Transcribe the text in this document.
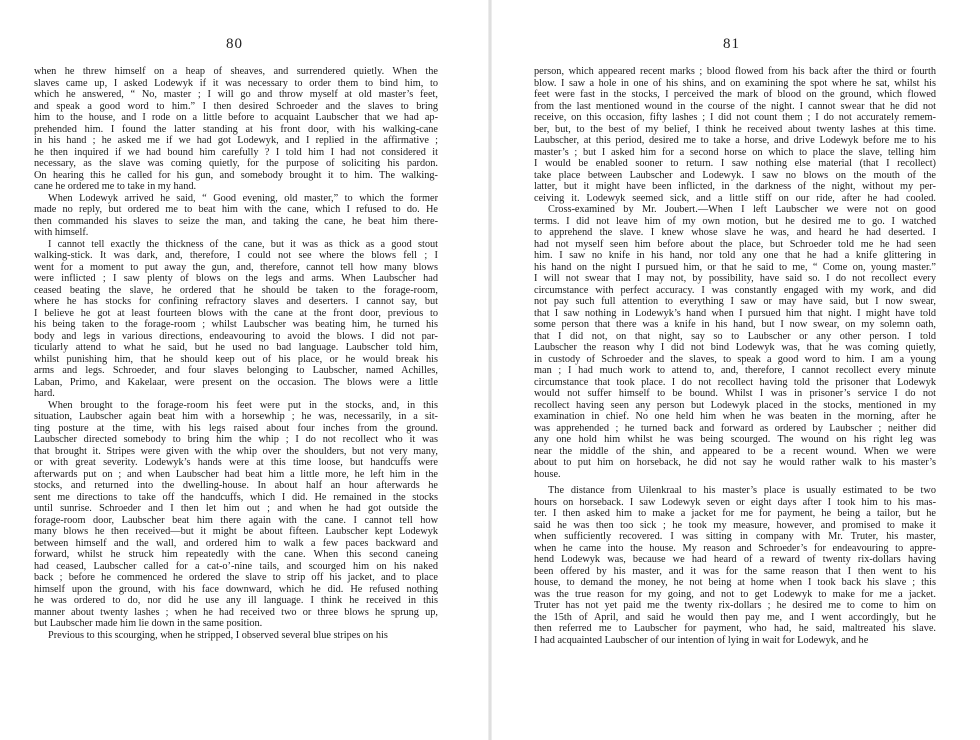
80
when he threw himself on a heap of sheaves, and surrendered quietly. When the
slaves came up, I asked Lodewyk if it was necessary to order them to bind him, to
which he answered, “ No, master ; I will go and throw myself at old master’s feet,
and speak a good word to him.” I then desired Schroeder and the slaves to bring
him to the house, and I rode on a little before to acquaint Laubscher that we had ap-
prehended him. I found the latter standing at his front door, with his walking-cane
in his hand ; he asked me if we had got Lodewyk, and I replied in the affirmative ;
he then inquired if we had bound him carefully ? I told him I had not considered it
necessary, as the slave was coming quietly, for the purpose of soliciting his pardon.
On hearing this he called for his gun, and somebody brought it to him. The walking-
cane he ordered me to take in my hand.
When Lodewyk arrived he said, “ Good evening, old master,” to which the former
made no reply, but ordered me to beat him with the cane, which I refused to do. He
then commanded his slaves to seize the man, and taking the cane, he beat him there-
with himself.
I cannot tell exactly the thickness of the cane, but it was as thick as a good stout
walking-stick. It was dark, and, therefore, I could not see where the blows fell ; I
went for a moment to put away the gun, and, therefore, cannot tell how many blows
were inflicted ; I saw plenty of blows on the legs and arms. When Laubscher had
ceased beating the slave, he ordered that he should be taken to the forage-room,
where he has stocks for confining refractory slaves and deserters. I cannot say, but
I believe he got at least fourteen blows with the cane at the front door, previous to
his being taken to the forage-room ; whilst Laubscher was beating him, he turned his
body and legs in various directions, endeavouring to avoid the blows. I did not par-
ticularly attend to what he said, but he used no bad language. Laubscher told him,
whilst punishing him, that he should keep out of his place, or he would break his
arms and legs. Schroeder, and four slaves belonging to Laubscher, named Achilles,
Laban, Primo, and Kakelaar, were present on the occasion. The blows were a little
hard.
When brought to the forage-room his feet were put in the stocks, and, in this
situation, Laubscher again beat him with a horsewhip ; he was, necessarily, in a sit-
ting posture at the time, with his legs raised about four inches from the ground.
Laubscher directed somebody to bring him the whip ; I do not recollect who it was
that brought it. Stripes were given with the whip over the shoulders, but not very many,
or with great severity. Lodewyk’s hands were at this time loose, but handcuffs were
afterwards put on ; and when Laubscher had beat him a little more, he left him in the
stocks, and returned into the dwelling-house. In about half an hour afterwards he
sent me directions to take off the handcuffs, which I did. He remained in the stocks
until sunrise. Schroeder and I then let him out ; and when he had got outside the
forage-room door, Laubscher beat him there again with the cane. I cannot tell how
many blows he then received—but it might be about fifteen. Laubscher kept Lodewyk
between himself and the wall, and ordered him to walk a few paces backward and
forward, whilst he struck him repeatedly with the cane. When this second caneing
had ceased, Laubscher called for a cat-o’-nine tails, and scourged him on his naked
back ; before he commenced he ordered the slave to strip off his jacket, and to place
himself upon the ground, with his face downward, which he did. He refused nothing
he was ordered to do, nor did he use any ill language. I think he received in this
manner about twenty lashes ; when he had received two or three blows he sprung up,
but Laubscher made him lie down in the same position.
Previous to this scourging, when he stripped, I observed several blue stripes on his
81
person, which appeared recent marks ; blood flowed from his back after the third or fourth
blow. I saw a hole in one of his shins, and on examining the spot where he sat, whilst his
feet were fast in the stocks, I perceived the mark of blood on the ground, which flowed
from the last mentioned wound in the course of the night. I cannot swear that he did not
receive, on this occasion, fifty lashes ; I did not count them ; I do not accurately remem-
ber, but, to the best of my belief, I think he received about twenty lashes at this time.
Laubscher, at this period, desired me to take a horse, and drive Lodewyk before me to his
master’s ; but I asked him for a second horse on which to place the slave, telling him
I would be enabled sooner to return. I saw nothing else material (that I recollect)
take place between Laubscher and Lodewyk. I saw no blows on the mouth of the
latter, but it might have been inflicted, in the darkness of the night, without my per-
ceiving it. Lodewyk seemed sick, and a little stiff on our ride, after he had cooled.
Cross-examined by Mr. Joubert.—When I left Laubscher we were not on good
terms. I did not leave him of my own motion, but he desired me to go. I watched
to apprehend the slave. I knew whose slave he was, and heard he had deserted. I
had not myself seen him before about the place, but Schroeder told me he had seen
him. I saw no knife in his hand, nor told any one that he had a knife glittering in
his hand on the night I pursued him, or that he said to me, “ Come on, young master.”
I will not swear that I may not, by possibility, have said so. I do not recollect every
circumstance with perfect accuracy. I was constantly engaged with my work, and did
not pay such full attention to everything I saw or may have said, but I now swear,
that I saw nothing in Lodewyk’s hand when I pursued him that night. I might have told
some person that there was a knife in his hand, but I now swear, on my solemn oath,
that I did not, on that night, say so to Laubscher or any other person. I told
Laubscher the reason why I did not bind Lodewyk was, that he was coming quietly,
in custody of Schroeder and the slaves, to speak a good word to him. I am a young
man ; I had much work to attend to, and, therefore, I cannot recollect every minute
circumstance that took place. I do not recollect having told the prisoner that Lodewyk
would not suffer himself to be bound. Whilst I was in prisoner’s service I do not
recollect having seen any person but Lodewyk placed in the stocks, mentioned in my
examination in chief. No one held him when he was beaten in the morning, after he
was apprehended ; he turned back and forward as ordered by Laubscher ; neither did
any one hold him whilst he was being scourged. The wound on his right leg was
near the middle of the shin, and appeared to be a recent wound. When we were
about to put him on horseback, he did not say he would rather walk to his master’s
house.
The distance from Uilenkraal to his master’s place is usually estimated to be two
hours on horseback. I saw Lodewyk seven or eight days after I took him to his mas-
ter. I then asked him to make a jacket for me for payment, he being a tailor, but he
said he was then too sick ; he took my measure, however, and promised to make it
when sufficiently recovered. I was sitting in company with Mr. Truter, his master,
when he came into the house. My reason and Schroeder’s for endeavouring to appre-
hend Lodewyk was, because we had heard of a reward of twenty rix-dollars having
been offered by his master, and it was for the same reason that I then went to his
house, to demand the money, he not being at home when I took back his slave ; this
was the true reason for my going, and not to get Lodewyk to make for me a jacket.
Truter has not yet paid me the twenty rix-dollars ; he desired me to come to him on
the 15th of April, and said he would then pay me, and I went accordingly, but he
then referred me to Laubscher for payment, who had, he said, maltreated his slave.
I had acquainted Laubscher of our intention of lying in wait for Lodewyk, and he
